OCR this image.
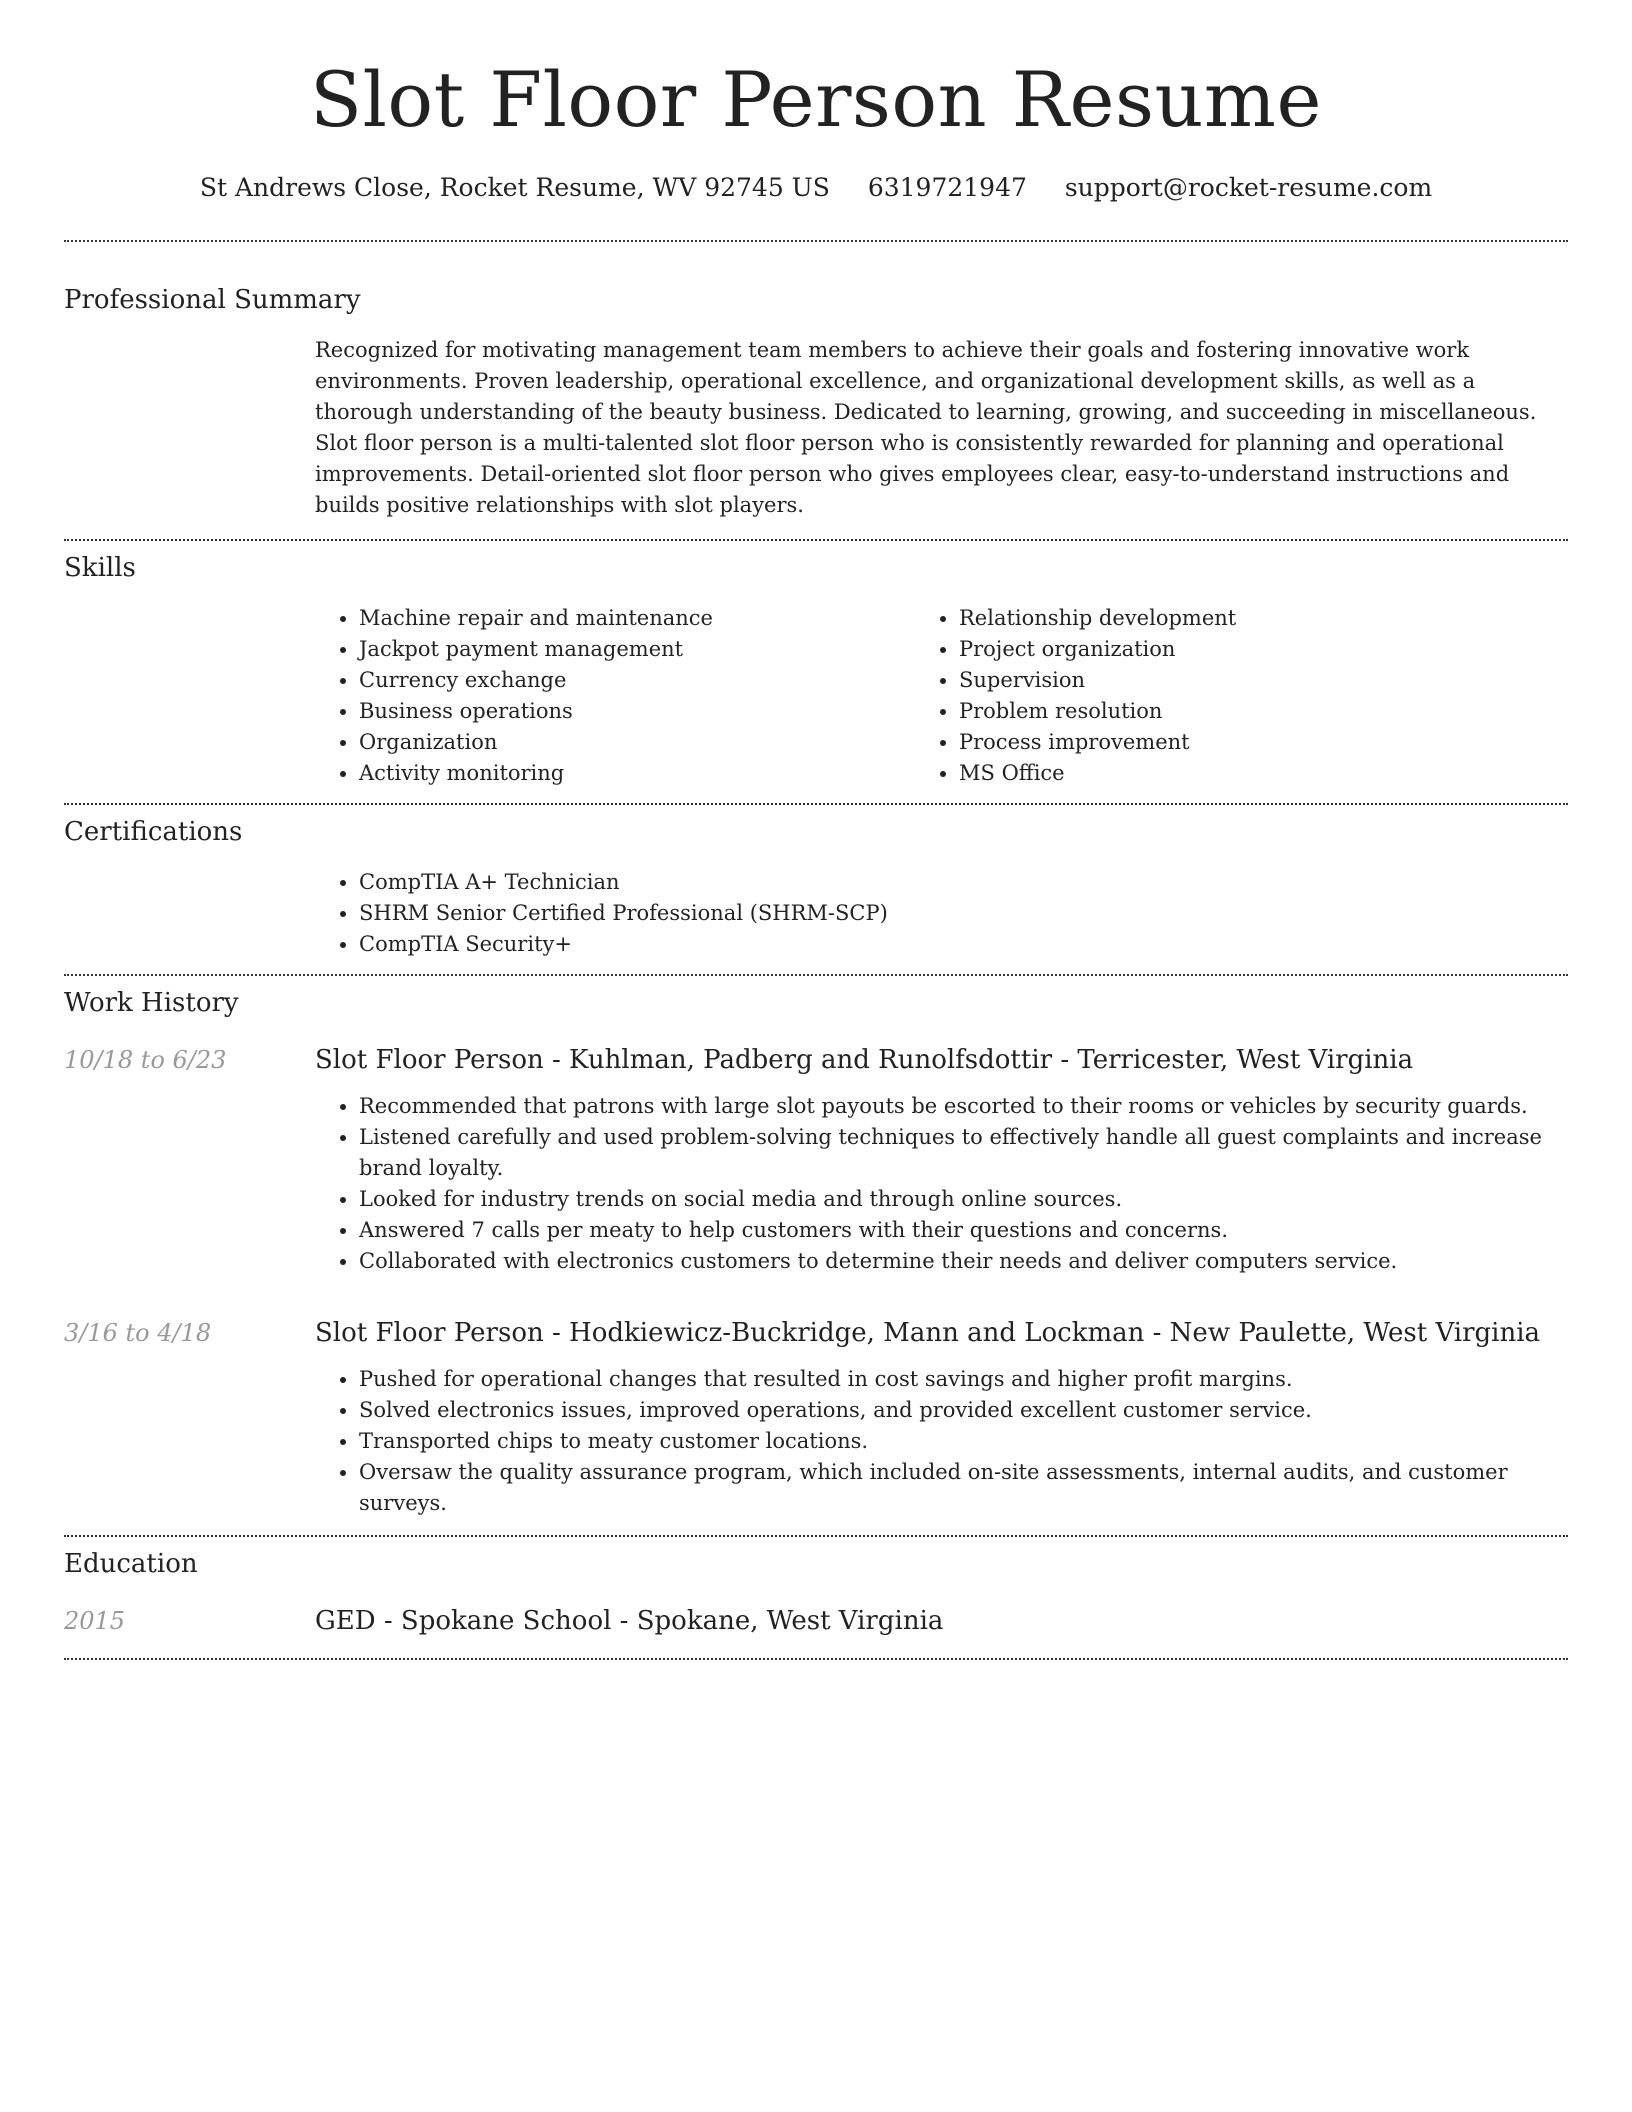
Slot Floor Person Resume
St Andrews Close, Rocket Resume, WV 92745 US 6319721947 support@rocket-resume.com
Professional Summary

Recognized for motivating management team members to achieve their goals and fostering innovative work environments. Proven leadership, operational excellence, and organizational development skills, as well as a thorough understanding of the beauty business. Dedicated to learning, growing, and succeeding in miscellaneous. Slot floor person is a multi-talented slot floor person who is consistently rewarded for planning and operational improvements. Detail-oriented slot floor person who gives employees clear, easy-to-understand instructions and builds positive relationships with slot players.

Skills
• Machine repair and maintenance
• Jackpot payment management
• Currency exchange
• Business operations
• Organization
• Activity monitoring
• Relationship development
• Project organization
• Supervision
• Problem resolution
• Process improvement
• MS Office
Certifications
• CompTIA A+ Technician
• SHRM Senior Certified Professional (SHRM-SCP)
• CompTIA Security+
Work History
10/18 to 6/23	Slot Floor Person - Kuhlman, Padberg and Runolfsdottir - Terricester, West Virginia
• Recommended that patrons with large slot payouts be escorted to their rooms or vehicles by security guards.
• Listened carefully and used problem-solving techniques to effectively handle all guest complaints and increase brand loyalty.
• Looked for industry trends on social media and through online sources.
• Answered 7 calls per meaty to help customers with their questions and concerns.
• Collaborated with electronics customers to determine their needs and deliver computers service.
3/16 to 4/18	Slot Floor Person - Hodkiewicz-Buckridge, Mann and Lockman - New Paulette, West Virginia
• Pushed for operational changes that resulted in cost savings and higher profit margins.
• Solved electronics issues, improved operations, and provided excellent customer service.
• Transported chips to meaty customer locations.
• Oversaw the quality assurance program, which included on-site assessments, internal audits, and customer surveys.
Education
2015	GED - Spokane School - Spokane, West Virginia
